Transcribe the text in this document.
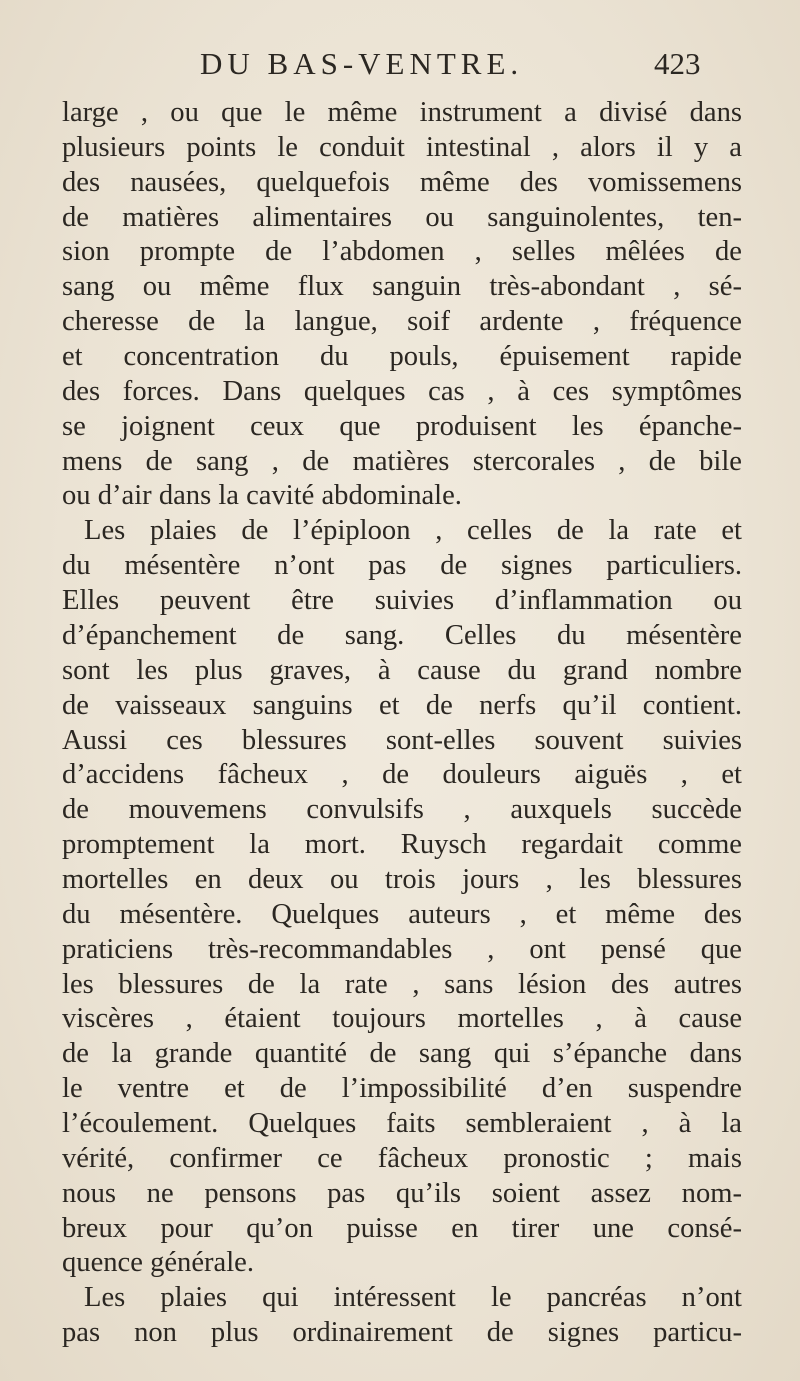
DU BAS-VENTRE.	423
large , ou que le même instrument a divisé dans
plusieurs points le conduit intestinal , alors il y a
des nausées, quelquefois même des vomissemens
de matières alimentaires ou sanguinolentes, ten-
sion prompte de l’abdomen , selles mêlées de
sang ou même flux sanguin très-abondant , sé-
cheresse de la langue, soif ardente , fréquence
et concentration du pouls, épuisement rapide
des forces. Dans quelques cas , à ces symptômes
se joignent ceux que produisent les épanche-
mens de sang , de matières stercorales , de bile
ou d’air dans la cavité abdominale.
Les plaies de l’épiploon , celles de la rate et
du mésentère n’ont pas de signes particuliers.
Elles peuvent être suivies d’inflammation ou
d’épanchement de sang. Celles du mésentère
sont les plus graves, à cause du grand nombre
de vaisseaux sanguins et de nerfs qu’il contient.
Aussi ces blessures sont-elles souvent suivies
d’accidens fâcheux , de douleurs aiguës , et
de mouvemens convulsifs , auxquels succède
promptement la mort. Ruysch regardait comme
mortelles en deux ou trois jours , les blessures
du mésentère. Quelques auteurs , et même des
praticiens très-recommandables , ont pensé que
les blessures de la rate , sans lésion des autres
viscères , étaient toujours mortelles , à cause
de la grande quantité de sang qui s’épanche dans
le ventre et de l’impossibilité d’en suspendre
l’écoulement. Quelques faits sembleraient , à la
vérité, confirmer ce fâcheux pronostic ; mais
nous ne pensons pas qu’ils soient assez nom-
breux pour qu’on puisse en tirer une consé-
quence générale.
Les plaies qui intéressent le pancréas n’ont
pas non plus ordinairement de signes particu-
